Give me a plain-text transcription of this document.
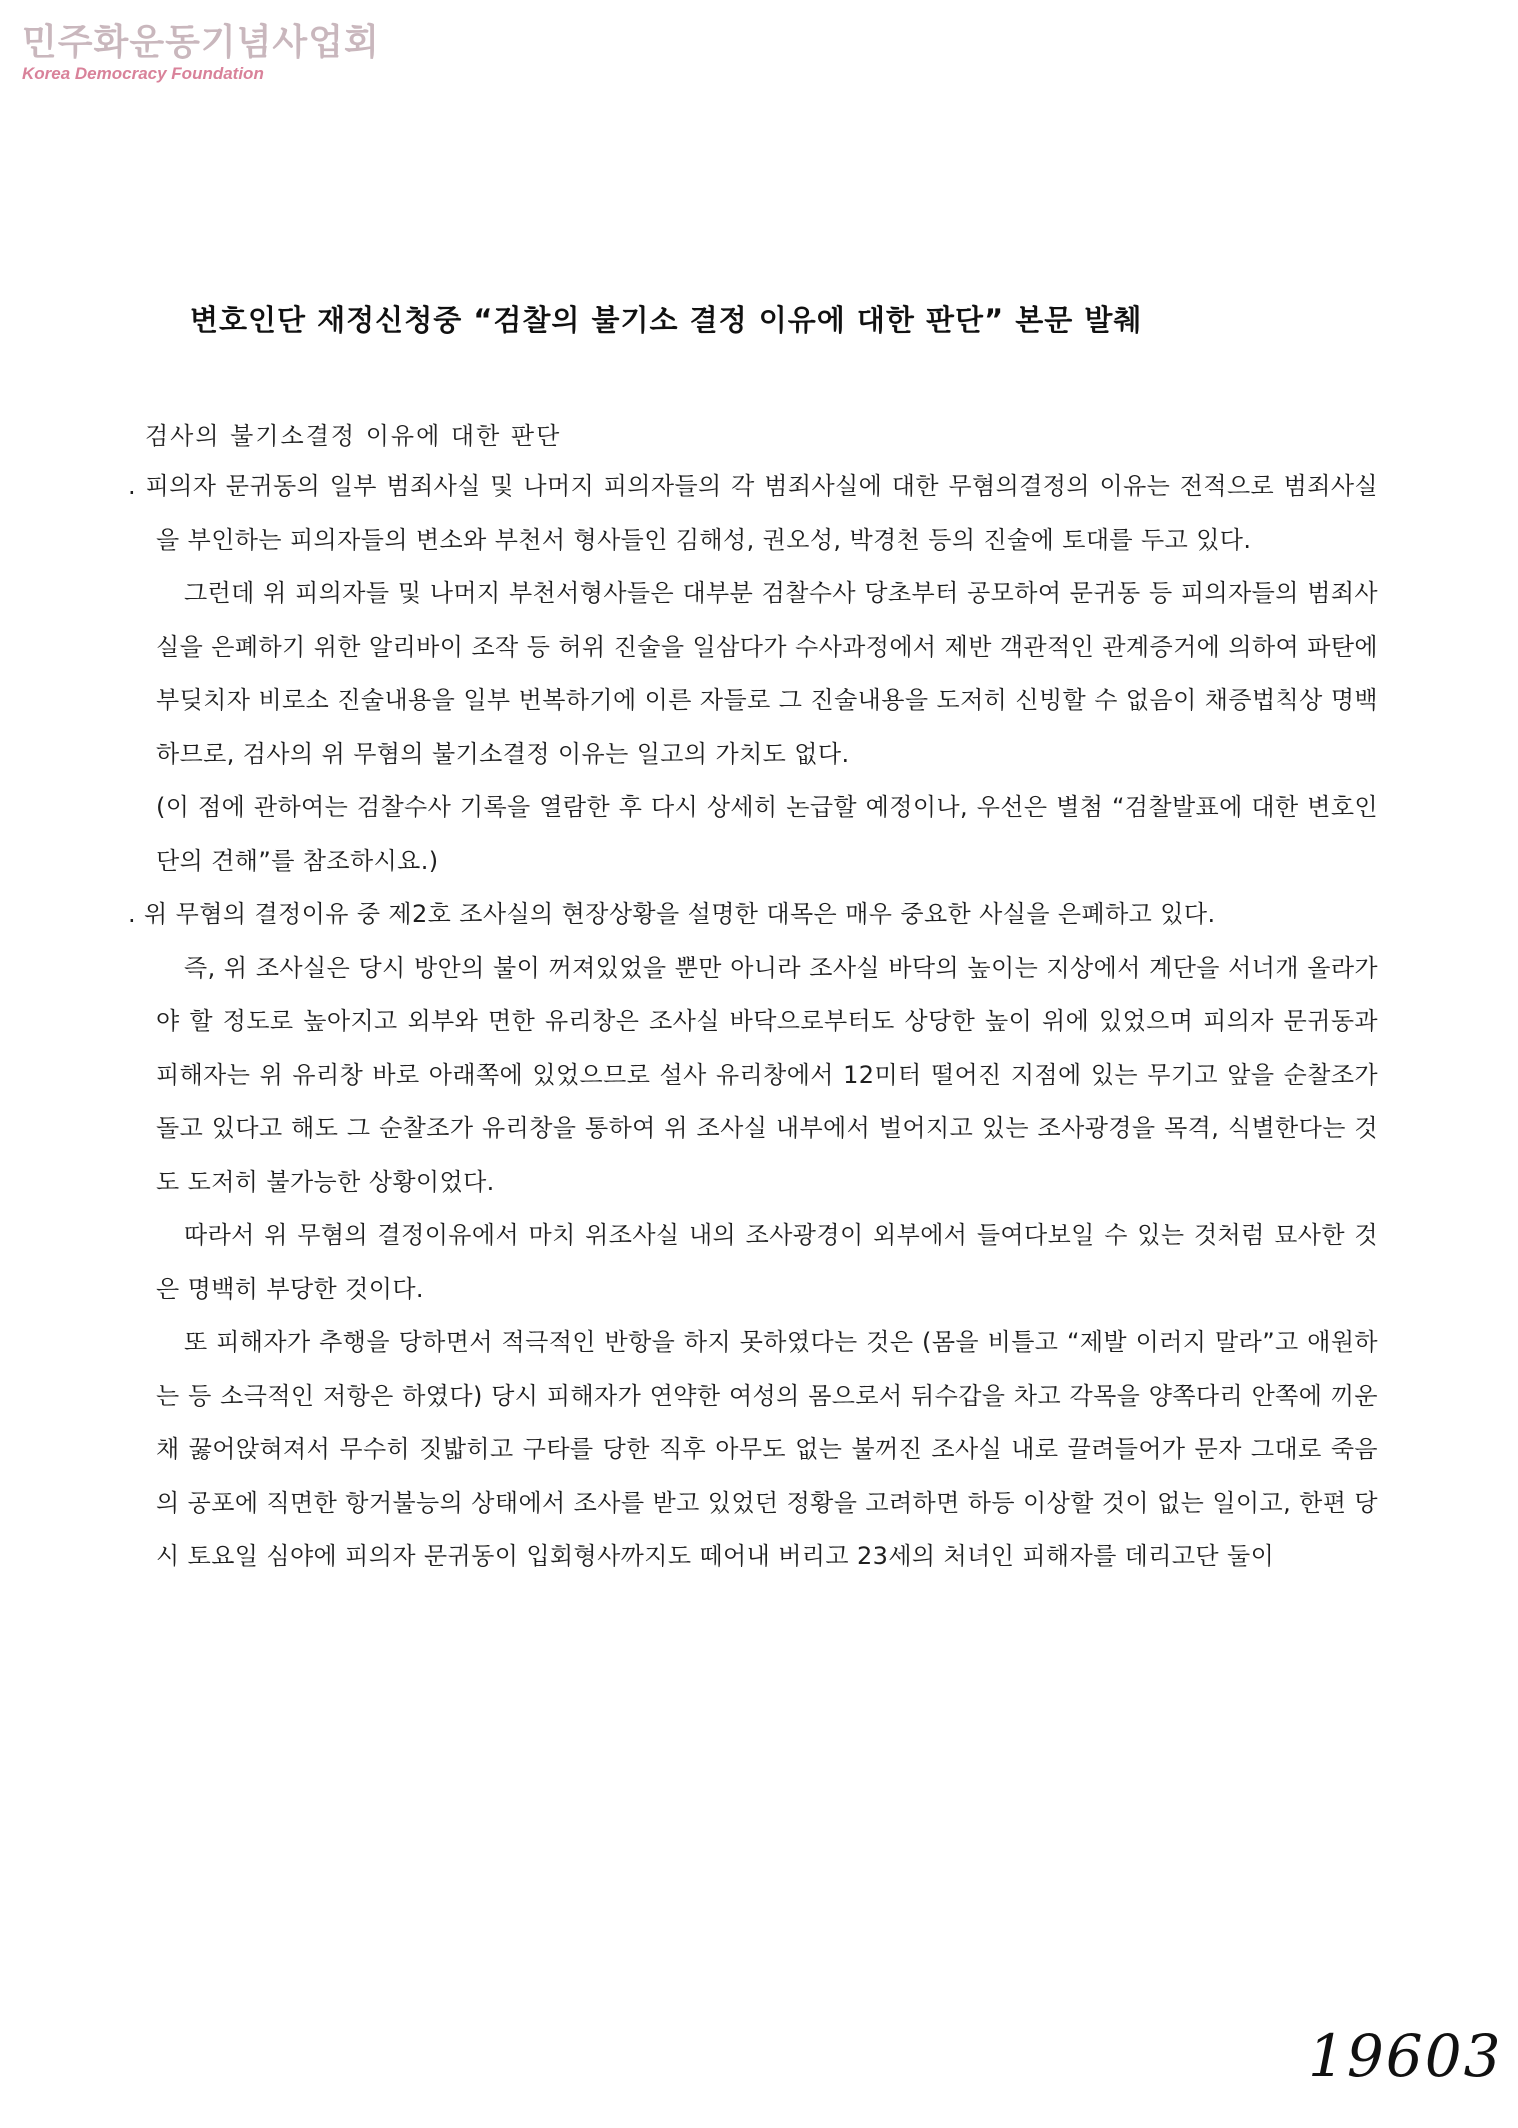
민주화운동기념사업회
Korea Democracy Foundation
변호인단 재정신청중 “검찰의 불기소 결정 이유에 대한 판단” 본문 발췌
검사의 불기소결정 이유에 대한 판단

. 피의자 문귀동의 일부 범죄사실 및 나머지 피의자들의 각 범죄사실에 대한 무혐의결정의 이유는 전적으로 범죄사실을 부인하는 피의자들의 변소와 부천서 형사들인 김해성, 권오성, 박경천 등의 진술에 토대를 두고 있다.

그런데 위 피의자들 및 나머지 부천서형사들은 대부분 검찰수사 당초부터 공모하여 문귀동 등 피의자들의 범죄사실을 은폐하기 위한 알리바이 조작 등 허위 진술을 일삼다가 수사과정에서 제반 객관적인 관계증거에 의하여 파탄에 부딪치자 비로소 진술내용을 일부 번복하기에 이른 자들로 그 진술내용을 도저히 신빙할 수 없음이 채증법칙상 명백하므로, 검사의 위 무혐의 불기소결정 이유는 일고의 가치도 없다.

(이 점에 관하여는 검찰수사 기록을 열람한 후 다시 상세히 논급할 예정이나, 우선은 별첨 “검찰발표에 대한 변호인단의 견해”를 참조하시요.)

. 위 무혐의 결정이유 중 제2호 조사실의 현장상황을 설명한 대목은 매우 중요한 사실을 은폐하고 있다.

즉, 위 조사실은 당시 방안의 불이 꺼져있었을 뿐만 아니라 조사실 바닥의 높이는 지상에서 계단을 서너개 올라가야 할 정도로 높아지고 외부와 면한 유리창은 조사실 바닥으로부터도 상당한 높이 위에 있었으며 피의자 문귀동과 피해자는 위 유리창 바로 아래쪽에 있었으므로 설사 유리창에서 12미터 떨어진 지점에 있는 무기고 앞을 순찰조가 돌고 있다고 해도 그 순찰조가 유리창을 통하여 위 조사실 내부에서 벌어지고 있는 조사광경을 목격, 식별한다는 것도 도저히 불가능한 상황이었다.

따라서 위 무혐의 결정이유에서 마치 위조사실 내의 조사광경이 외부에서 들여다보일 수 있는 것처럼 묘사한 것은 명백히 부당한 것이다.

또 피해자가 추행을 당하면서 적극적인 반항을 하지 못하였다는 것은 (몸을 비틀고 “제발 이러지 말라”고 애원하는 등 소극적인 저항은 하였다) 당시 피해자가 연약한 여성의 몸으로서 뒤수갑을 차고 각목을 양쪽다리 안쪽에 끼운채 꿇어앉혀져서 무수히 짓밟히고 구타를 당한 직후 아무도 없는 불꺼진 조사실 내로 끌려들어가 문자 그대로 죽음의 공포에 직면한 항거불능의 상태에서 조사를 받고 있었던 정황을 고려하면 하등 이상할 것이 없는 일이고, 한편 당시 토요일 심야에 피의자 문귀동이 입회형사까지도 떼어내 버리고 23세의 처녀인 피해자를 데리고단 둘이

19603
